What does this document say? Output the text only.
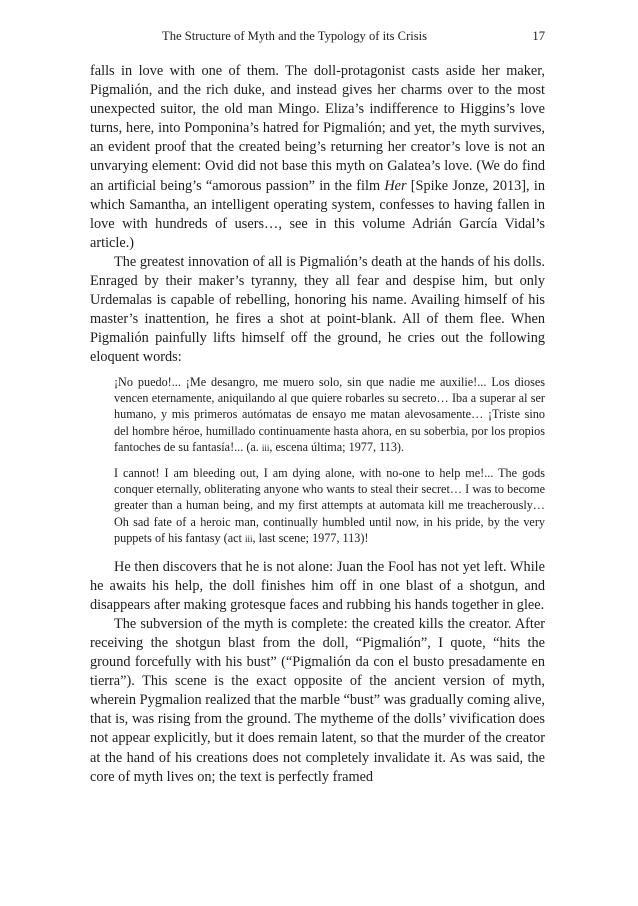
The Structure of Myth and the Typology of its Crisis	17

falls in love with one of them. The doll-protagonist casts aside her maker, Pigmalión, and the rich duke, and instead gives her charms over to the most unexpected suitor, the old man Mingo. Eliza’s indifference to Higgins’s love turns, here, into Pomponina’s hatred for Pigmalión; and yet, the myth survives, an evident proof that the created being’s returning her creator’s love is not an unvarying element: Ovid did not base this myth on Galatea’s love. (We do find an artificial being’s “amorous passion” in the film Her [Spike Jonze, 2013], in which Samantha, an intelligent operating system, confesses to having fallen in love with hundreds of users…, see in this volume Adrián García Vidal’s article.)

The greatest innovation of all is Pigmalión’s death at the hands of his dolls. Enraged by their maker’s tyranny, they all fear and despise him, but only Urdemalas is capable of rebelling, honoring his name. Availing himself of his master’s inattention, he fires a shot at point-blank. All of them flee. When Pigmalión painfully lifts himself off the ground, he cries out the following eloquent words:

¡No puedo!... ¡Me desangro, me muero solo, sin que nadie me auxilie!... Los dioses vencen eternamente, aniquilando al que quiere robarles su secreto… Iba a superar al ser humano, y mis primeros autómatas de ensayo me matan alevosamente… ¡Triste sino del hombre héroe, humillado continuamente hasta ahora, en su soberbia, por los propios fantoches de su fantasía!... (a. iii, escena última; 1977, 113).

I cannot! I am bleeding out, I am dying alone, with no-one to help me!... The gods conquer eternally, obliterating anyone who wants to steal their secret… I was to become greater than a human being, and my first attempts at automata kill me treacherously… Oh sad fate of a heroic man, continually humbled until now, in his pride, by the very puppets of his fantasy (act iii, last scene; 1977, 113)!

He then discovers that he is not alone: Juan the Fool has not yet left. While he awaits his help, the doll finishes him off in one blast of a shotgun, and disappears after making grotesque faces and rubbing his hands together in glee.

The subversion of the myth is complete: the created kills the creator. After receiving the shotgun blast from the doll, “Pigmalión”, I quote, “hits the ground forcefully with his bust” (“Pigmalión da con el busto presadamente en tierra”). This scene is the exact opposite of the ancient version of myth, wherein Pygmalion realized that the marble “bust” was gradually coming alive, that is, was rising from the ground. The mytheme of the dolls’ vivification does not appear explicitly, but it does remain latent, so that the murder of the creator at the hand of his creations does not completely invalidate it. As was said, the core of myth lives on; the text is perfectly framed
